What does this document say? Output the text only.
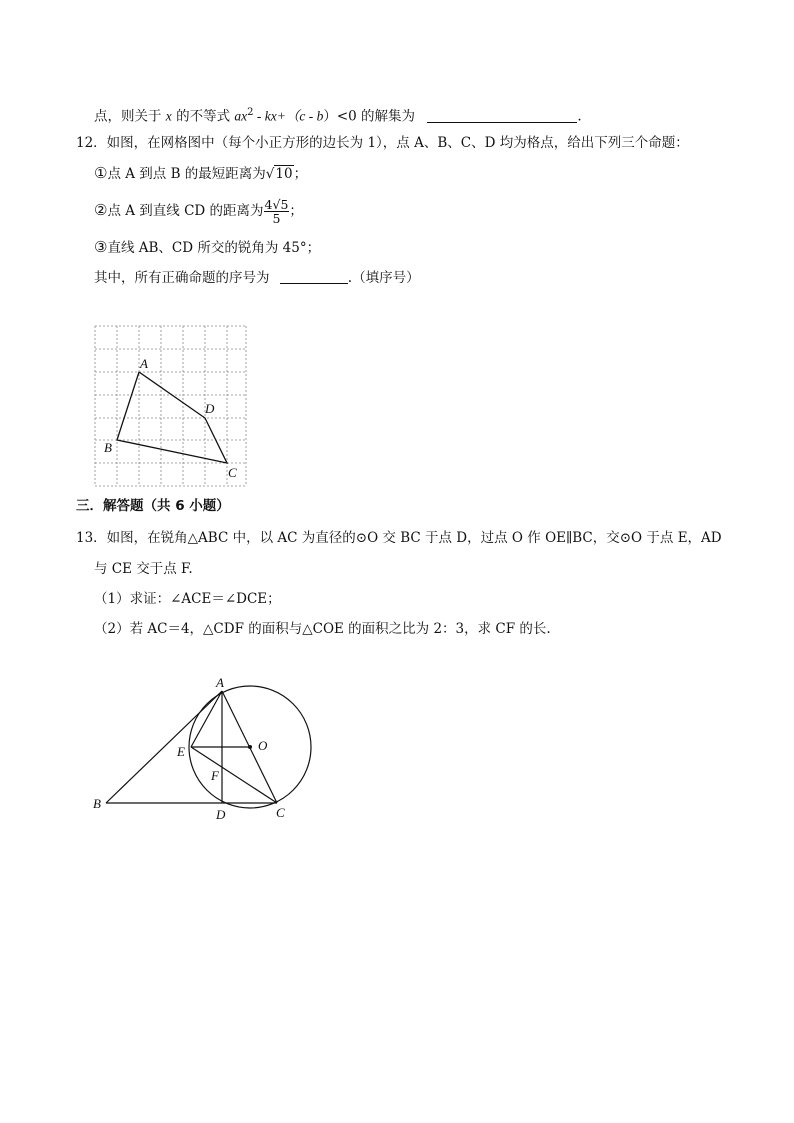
点，则关于 x 的不等式 $ax^2 - kx+(c - b)<0$ 的解集为	.
12．如图，在网格图中（每个小正方形的边长为 1），点 A、B、C、D 均为格点，给出下列三个命题：
①点 A 到点 B 的最短距离为√10；
②点 A 到直线 CD 的距离为 $\frac{4√5}{5}$ ；
③直线 AB、CD 所交的锐角为 45°；
其中，所有正确命题的序号为	.（填序号）
A
B
C
D
三．解答题（共 6 小题）
13．如图，在锐角△ABC 中，以 AC 为直径的⊙O 交 BC 于点 D，过点 O 作 OE∥BC，交⊙O 于点 E，AD
与 CE 交于点 F.
（1）求证：∠ACE＝∠DCE；
（2）若 AC＝4，△CDF 的面积与△COE 的面积之比为 2：3，求 CF 的长.
A
B
C
D
E
F
O
